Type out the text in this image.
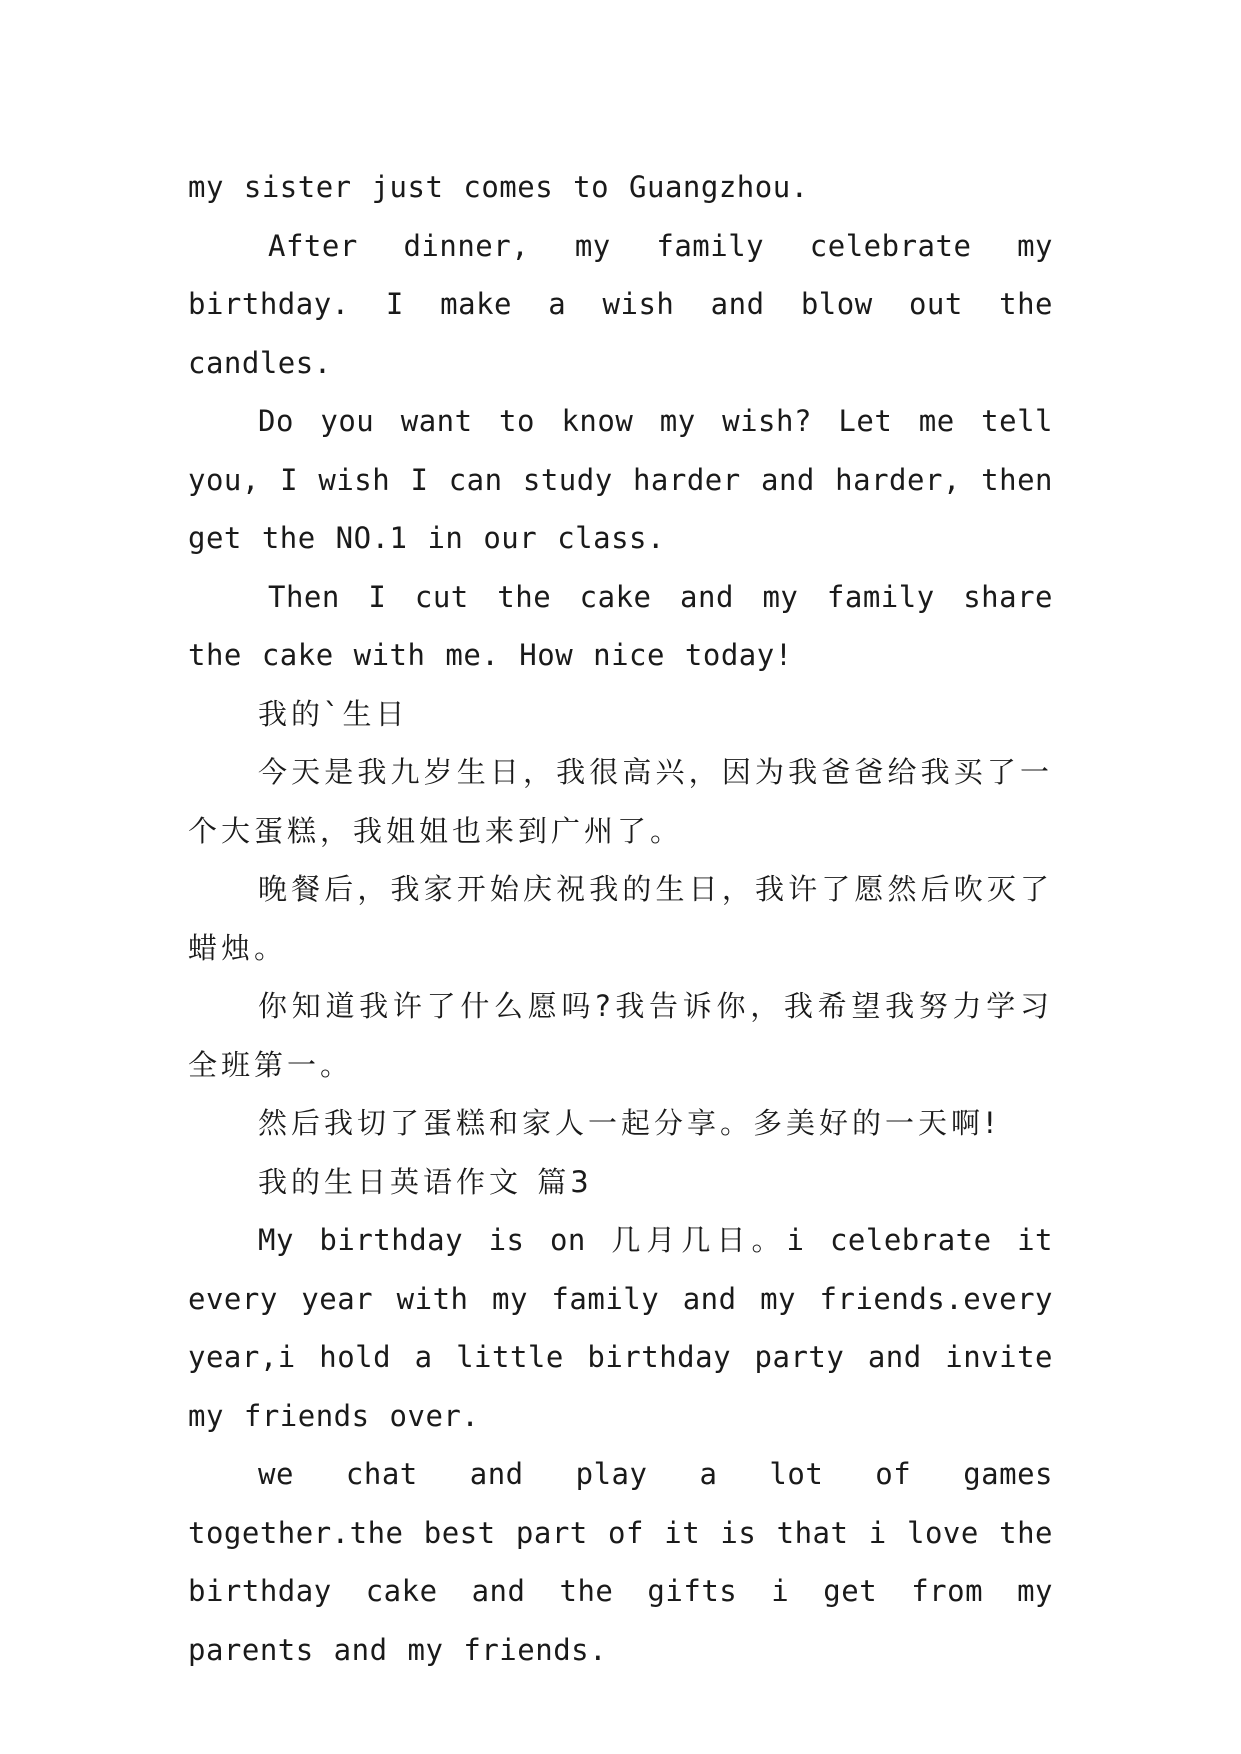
my sister just comes to Guangzhou.

After dinner, my family celebrate my birthday. I make a wish and blow out the candles.

Do you want to know my wish? Let me tell you, I wish I can study harder and harder, then get the NO.1 in our class.

Then I cut the cake and my family share the cake with me. How nice today!

我的`生日

今天是我九岁生日，我很高兴，因为我爸爸给我买了一个大蛋糕，我姐姐也来到广州了。

晚餐后，我家开始庆祝我的生日，我许了愿然后吹灭了蜡烛。

你知道我许了什么愿吗?我告诉你，我希望我努力学习全班第一。

然后我切了蛋糕和家人一起分享。多美好的一天啊!

我的生日英语作文 篇3

My birthday is on 几月几日。i celebrate it every year with my family and my friends.every year,i hold a little birthday party and invite my friends over.

we chat and play a lot of games together.the best part of it is that i love the birthday cake and the gifts i get from my parents and my friends.
